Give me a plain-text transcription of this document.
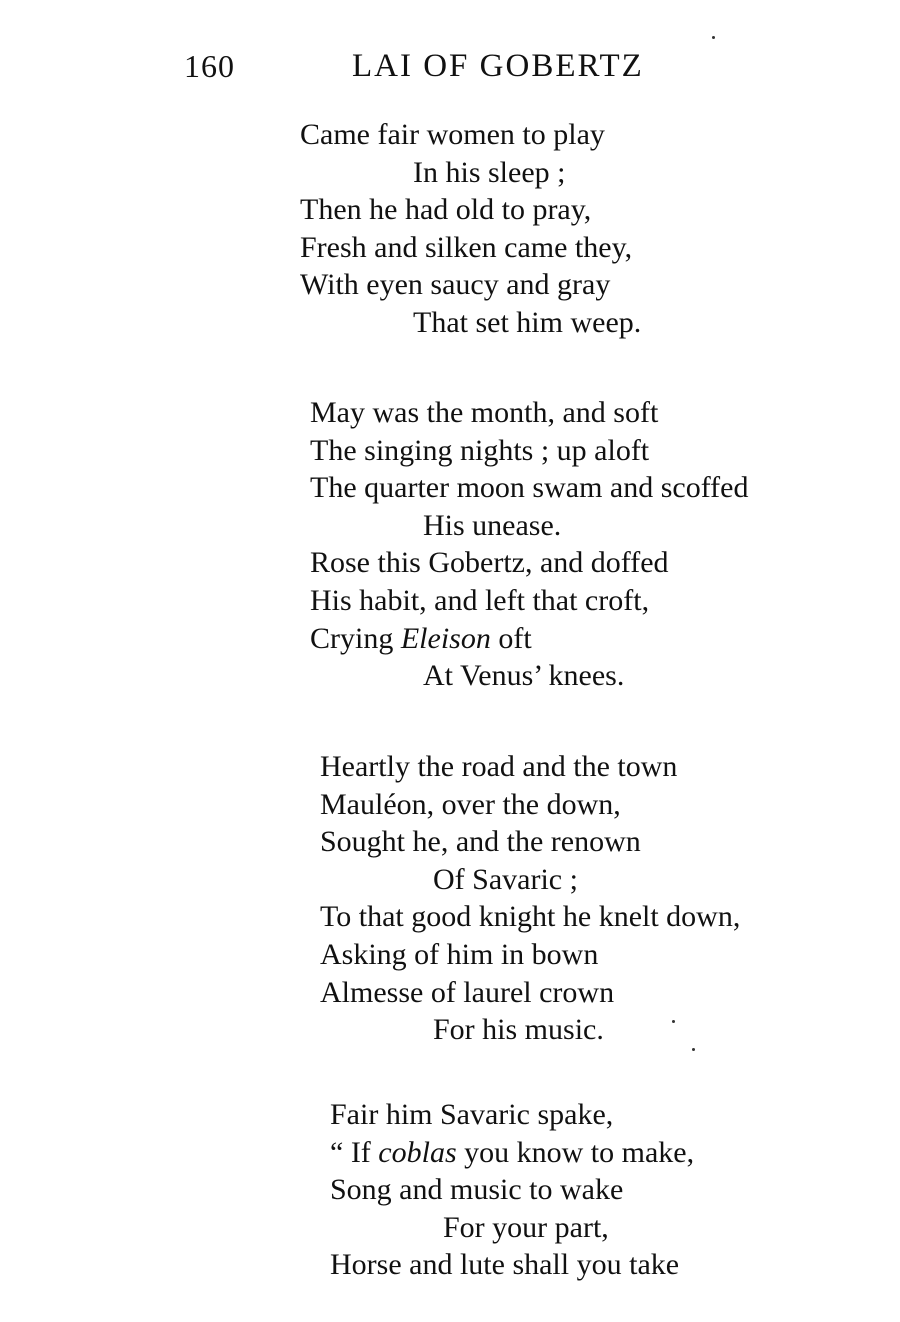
160	LAI OF GOBERTZ
Came fair women to play
In his sleep ;
Then he had old to pray,
Fresh and silken came they,
With eyen saucy and gray
That set him weep.
May was the month, and soft
The singing nights ; up aloft
The quarter moon swam and scoffed
His unease.
Rose this Gobertz, and doffed
His habit, and left that croft,
Crying Eleison oft
At Venus’ knees.
Heartly the road and the town
Mauléon, over the down,
Sought he, and the renown
Of Savaric ;
To that good knight he knelt down,
Asking of him in bown
Almesse of laurel crown
For his music.
Fair him Savaric spake,
“ If coblas you know to make,
Song and music to wake
For your part,
Horse and lute shall you take
